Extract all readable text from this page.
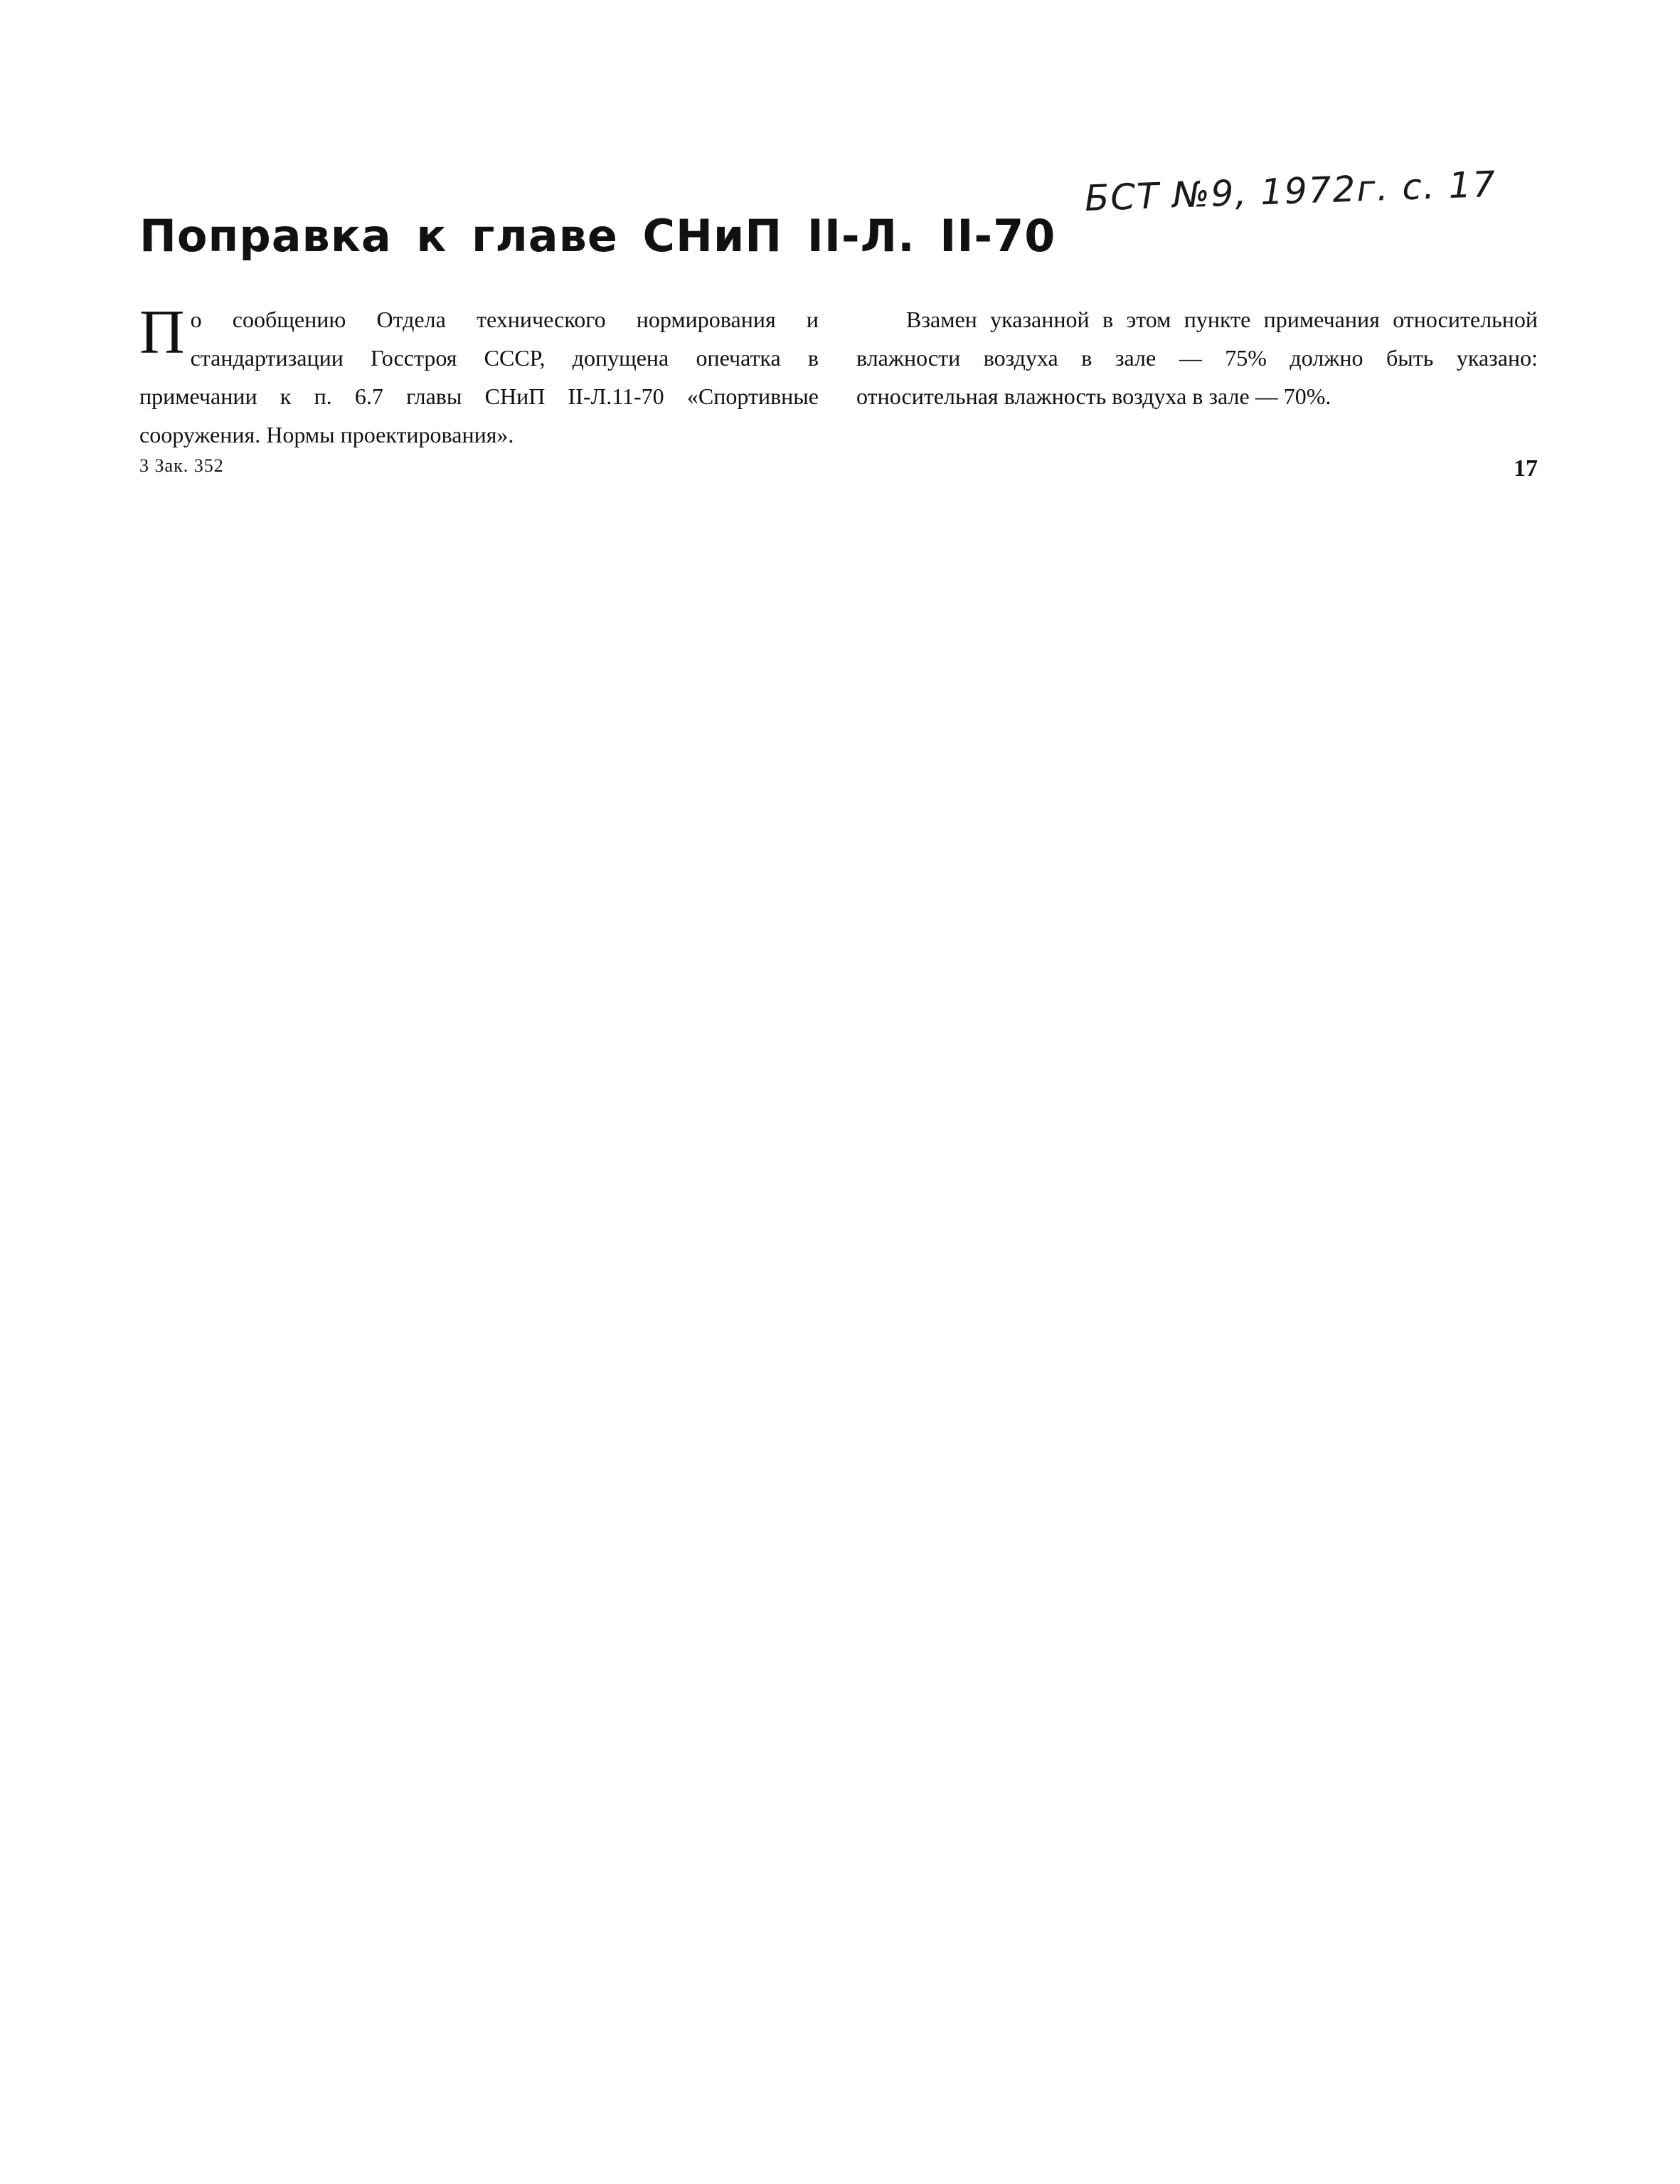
БСТ №9, 1972г. с. 17
Поправка к главе СНиП II-Л. II-70

По сообщению Отдела технического нормирования и стандартизации Госстроя СССР, допущена опечатка в примечании к п. 6.7 главы СНиП II-Л.11-70 «Спортивные сооружения. Нормы проектирования».

Взамен указанной в этом пункте примечания относительной влажности воздуха в зале — 75% должно быть указано: относительная влажность воздуха в зале — 70%.

3 Зак. 352	17
